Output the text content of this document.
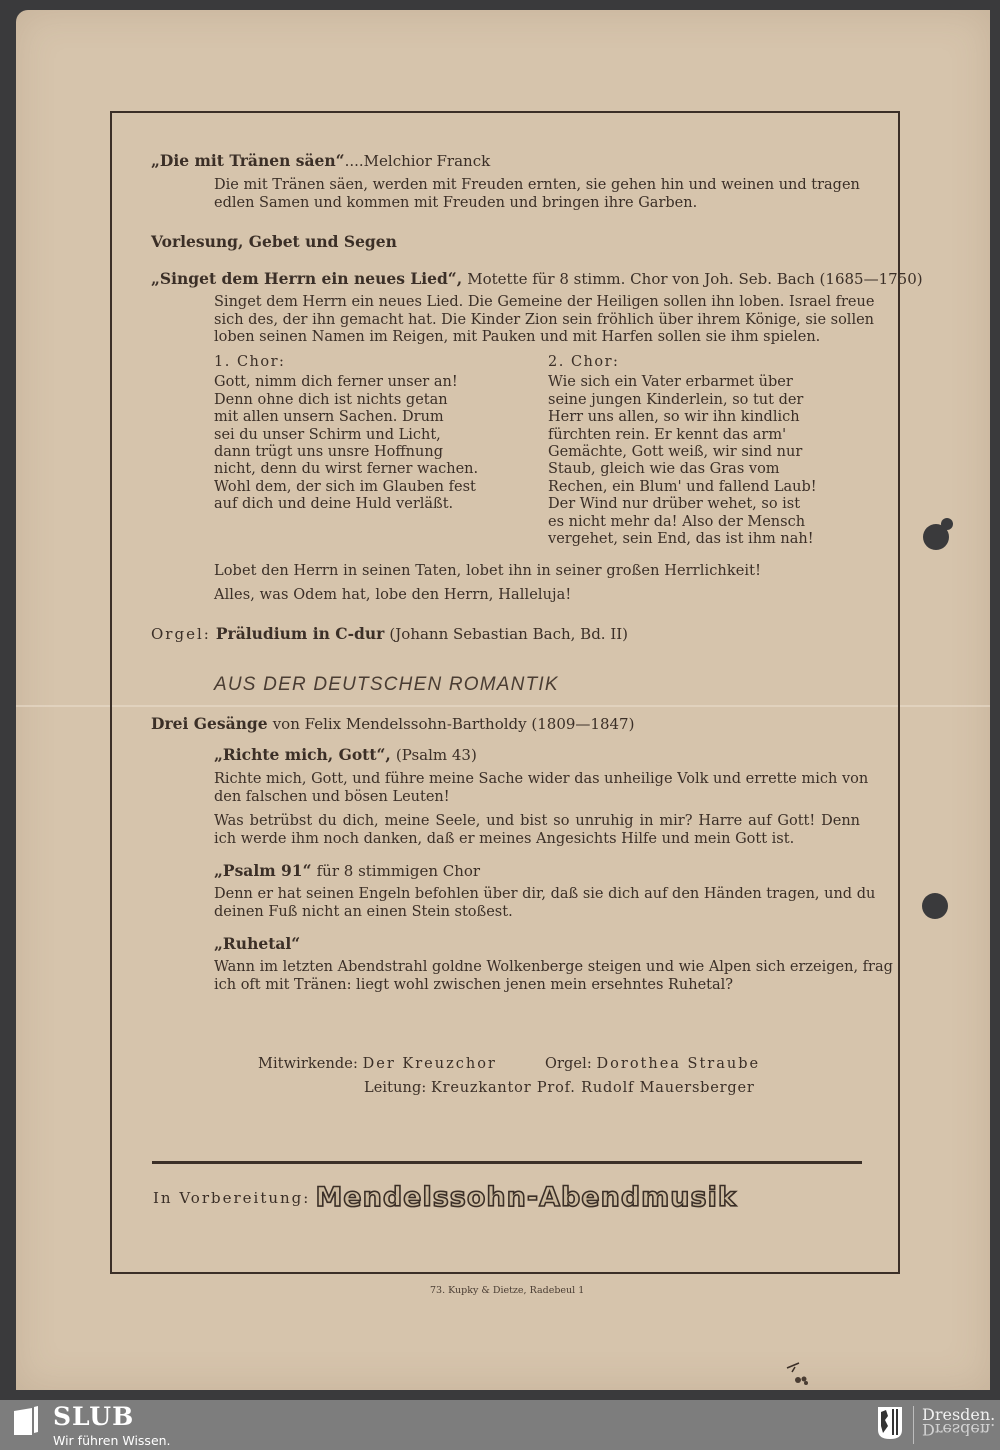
„Die mit Tränen säen“....Melchior Franck
Die mit Tränen säen, werden mit Freuden ernten, sie gehen hin und weinen und tragen
edlen Samen und kommen mit Freuden und bringen ihre Garben.
Vorlesung, Gebet und Segen
„Singet dem Herrn ein neues Lied“, Motette für 8 stimm. Chor von Joh. Seb. Bach (1685—1750)
Singet dem Herrn ein neues Lied. Die Gemeine der Heiligen sollen ihn loben. Israel freue
sich des, der ihn gemacht hat. Die Kinder Zion sein fröhlich über ihrem Könige, sie sollen
loben seinen Namen im Reigen, mit Pauken und mit Harfen sollen sie ihm spielen.
1. Chor:
Gott, nimm dich ferner unser an!
Denn ohne dich ist nichts getan
mit allen unsern Sachen. Drum
sei du unser Schirm und Licht,
dann trügt uns unsre Hoffnung
nicht, denn du wirst ferner wachen.
Wohl dem, der sich im Glauben fest
auf dich und deine Huld verläßt.
2. Chor:
Wie sich ein Vater erbarmet über
seine jungen Kinderlein, so tut der
Herr uns allen, so wir ihn kindlich
fürchten rein. Er kennt das arm'
Gemächte, Gott weiß, wir sind nur
Staub, gleich wie das Gras vom
Rechen, ein Blum' und fallend Laub!
Der Wind nur drüber wehet, so ist
es nicht mehr da! Also der Mensch
vergehet, sein End, das ist ihm nah!
Lobet den Herrn in seinen Taten, lobet ihn in seiner großen Herrlichkeit!
Alles, was Odem hat, lobe den Herrn, Halleluja!
Orgel: Präludium in C-dur (Johann Sebastian Bach, Bd. II)
AUS DER DEUTSCHEN ROMANTIK
Drei Gesänge von Felix Mendelssohn-Bartholdy (1809—1847)
„Richte mich, Gott“, (Psalm 43)
Richte mich, Gott, und führe meine Sache wider das unheilige Volk und errette mich von
den falschen und bösen Leuten!
Was betrübst du dich, meine Seele, und bist so unruhig in mir? Harre auf Gott! Denn
ich werde ihm noch danken, daß er meines Angesichts Hilfe und mein Gott ist.
„Psalm 91“ für 8 stimmigen Chor
Denn er hat seinen Engeln befohlen über dir, daß sie dich auf den Händen tragen, und du
deinen Fuß nicht an einen Stein stoßest.
„Ruhetal“
Wann im letzten Abendstrahl goldne Wolkenberge steigen und wie Alpen sich erzeigen, frag
ich oft mit Tränen: liegt wohl zwischen jenen mein ersehntes Ruhetal?
Mitwirkende: Der Kreuzchor	Orgel: Dorothea Straube
Leitung: Kreuzkantor Prof. Rudolf Mauersberger
In Vorbereitung: Mendelssohn-Abendmusik
73. Kupky & Dietze, Radebeul 1
SLUB
Wir führen Wissen.
Dresden.
Dresden.
